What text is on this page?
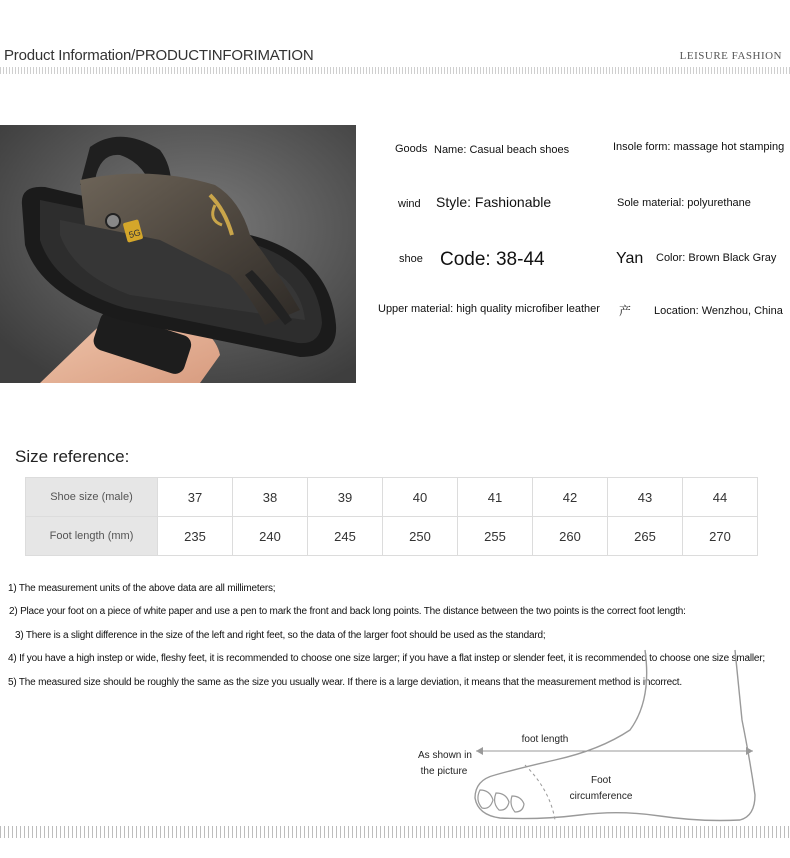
Product Information/PRODUCTINFORIMATION	LEISURE FASHION
5G
Goods Name: Casual beach shoes	Insole form: massage hot stamping
wind Style: Fashionable	Sole material: polyurethane
shoe Code: 38-44	Yan Color: Brown Black Gray
Upper material: high quality microfiber leather 产 Location: Wenzhou, China
Size reference:
Shoe size (male)	37	38	39	40	41	42	43	44
Foot length (mm)	235	240	245	250	255	260	265	270
1) The measurement units of the above data are all millimeters;
2) Place your foot on a piece of white paper and use a pen to mark the front and back long points. The distance between the two points is the correct foot length:
3) There is a slight difference in the size of the left and right feet, so the data of the larger foot should be used as the standard;
4) If you have a high instep or wide, fleshy feet, it is recommended to choose one size larger; if you have a flat instep or slender feet, it is recommended to choose one size smaller;
5) The measured size should be roughly the same as the size you usually wear. If there is a large deviation, it means that the measurement method is incorrect.
As shown in
the picture
foot length
Foot
circumference
